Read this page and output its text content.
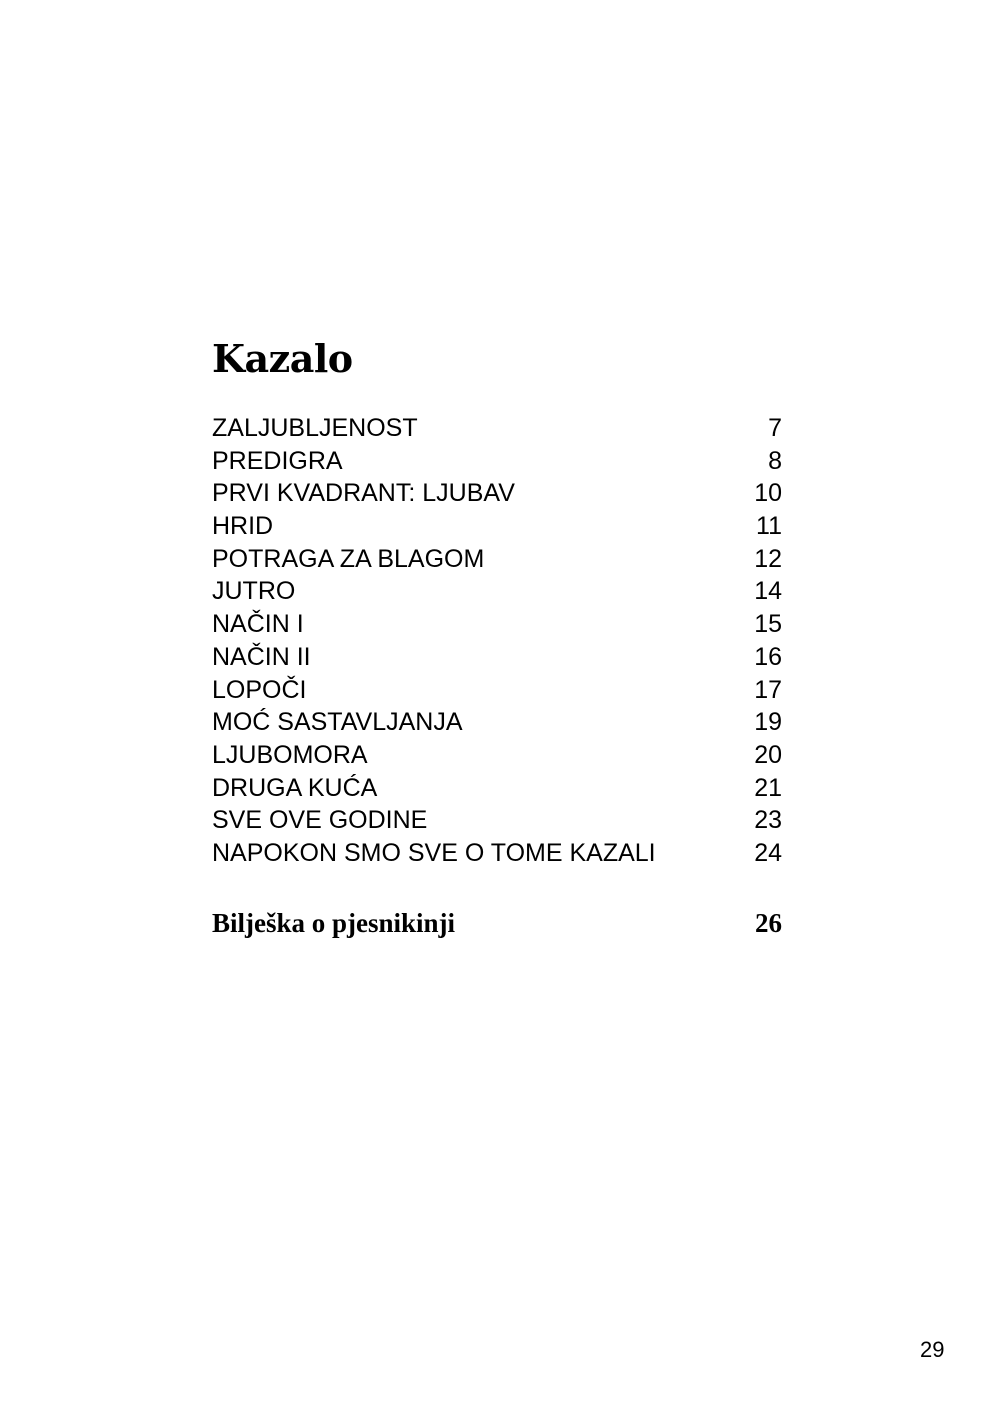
Kazalo
ZALJUBLJENOST	7
PREDIGRA	8
PRVI KVADRANT: LJUBAV	10
HRID	11
POTRAGA ZA BLAGOM	12
JUTRO	14
NAČIN I	15
NAČIN II	16
LOPOČI	17
MOĆ SASTAVLJANJA	19
LJUBOMORA	20
DRUGA KUĆA	21
SVE OVE GODINE	23
NAPOKON SMO SVE O TOME KAZALI	24
Bilješka o pjesnikinji	26
29
